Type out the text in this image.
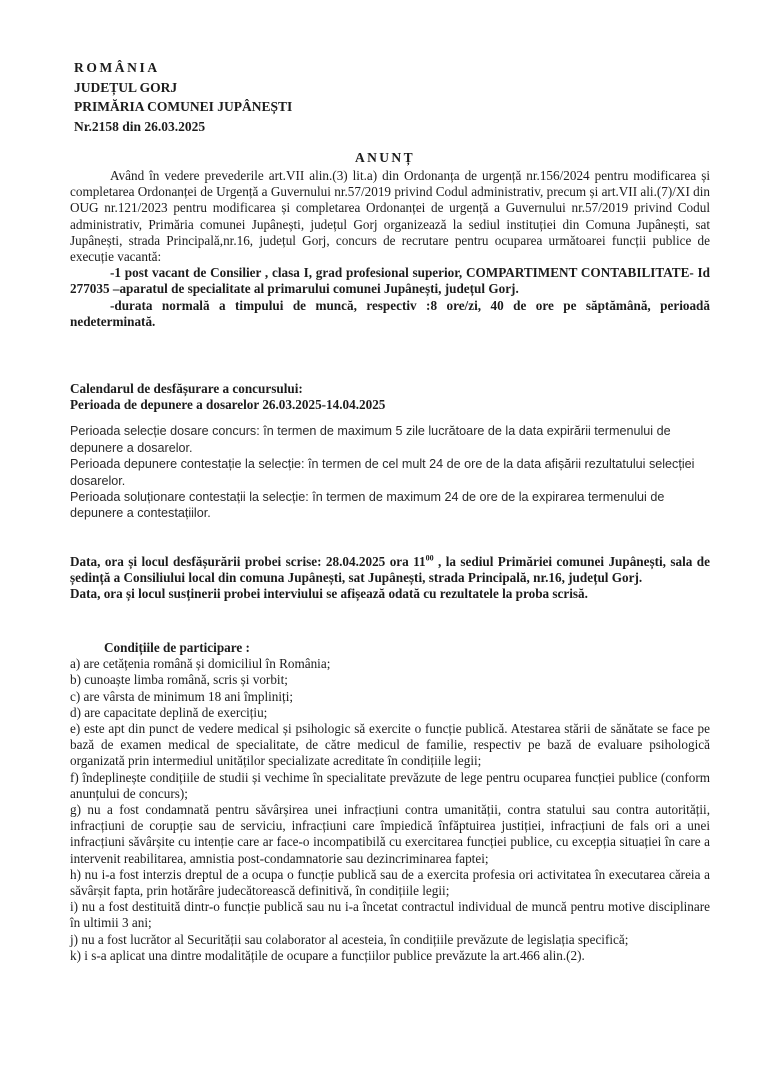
ROMÂNIA
JUDEȚUL GORJ
PRIMĂRIA COMUNEI JUPÂNEȘTI
Nr.2158 din 26.03.2025
ANUNȚ

Având în vedere prevederile art.VII alin.(3) lit.a) din Ordonanța de urgență nr.156/2024 pentru modificarea și completarea Ordonanței de Urgență a Guvernului nr.57/2019 privind Codul administrativ, precum și art.VII ali.(7)/XI din OUG nr.121/2023 pentru modificarea și completarea Ordonanței de urgență a Guvernului nr.57/2019 privind Codul administrativ, Primăria comunei Jupânești, județul Gorj organizează la sediul instituției din Comuna Jupânești, sat Jupânești, strada Principală,nr.16, județul Gorj, concurs de recrutare pentru ocuparea următoarei funcții publice de execuție vacantă:

-1 post vacant de Consilier , clasa I, grad profesional superior, COMPARTIMENT CONTABILITATE- Id 277035 –aparatul de specialitate al primarului comunei Jupânești, județul Gorj.

-durata normală a timpului de muncă, respectiv :8 ore/zi, 40 de ore pe săptămână, perioadă nedeterminată.

Calendarul de desfășurare a concursului:

Perioada de depunere a dosarelor 26.03.2025-14.04.2025

Perioada selecție dosare concurs: în termen de maximum 5 zile lucrătoare de la data expirării termenului de depunere a dosarelor.

Perioada depunere contestație la selecție: în termen de cel mult 24 de ore de la data afișării rezultatului selecției dosarelor.

Perioada soluționare contestații la selecție: în termen de maximum 24 de ore de la expirarea termenului de depunere a contestațiilor.

Data, ora și locul desfășurării probei scrise: 28.04.2025 ora $11^{00}$ , la sediul Primăriei comunei Jupânești, sala de ședință a Consiliului local din comuna Jupânești, sat Jupânești, strada Principală, nr.16, județul Gorj.

Data, ora și locul susținerii probei interviului se afișează odată cu rezultatele la proba scrisă.

Condițiile de participare :

a) are cetățenia română și domiciliul în România;

b) cunoaște limba română, scris și vorbit;

c) are vârsta de minimum 18 ani împliniți;

d) are capacitate deplină de exercițiu;

e) este apt din punct de vedere medical și psihologic să exercite o funcție publică. Atestarea stării de sănătate se face pe bază de examen medical de specialitate, de către medicul de familie, respectiv pe bază de evaluare psihologică organizată prin intermediul unităților specializate acreditate în condițiile legii;

f) îndeplinește condițiile de studii și vechime în specialitate prevăzute de lege pentru ocuparea funcției publice (conform anunțului de concurs);

g) nu a fost condamnată pentru săvârșirea unei infracțiuni contra umanității, contra statului sau contra autorității, infracțiuni de corupție sau de serviciu, infracțiuni care împiedică înfăptuirea justiției, infracțiuni de fals ori a unei infracțiuni săvârșite cu intenție care ar face-o incompatibilă cu exercitarea funcției publice, cu excepția situației în care a intervenit reabilitarea, amnistia post-condamnatorie sau dezincriminarea faptei;

h) nu i-a fost interzis dreptul de a ocupa o funcție publică sau de a exercita profesia ori activitatea în executarea căreia a săvârșit fapta, prin hotărâre judecătorească definitivă, în condițiile legii;

i) nu a fost destituită dintr-o funcție publică sau nu i-a încetat contractul individual de muncă pentru motive disciplinare în ultimii 3 ani;

j) nu a fost lucrător al Securității sau colaborator al acesteia, în condițiile prevăzute de legislația specifică;

k) i s-a aplicat una dintre modalitățile de ocupare a funcțiilor publice prevăzute la art.466 alin.(2).
